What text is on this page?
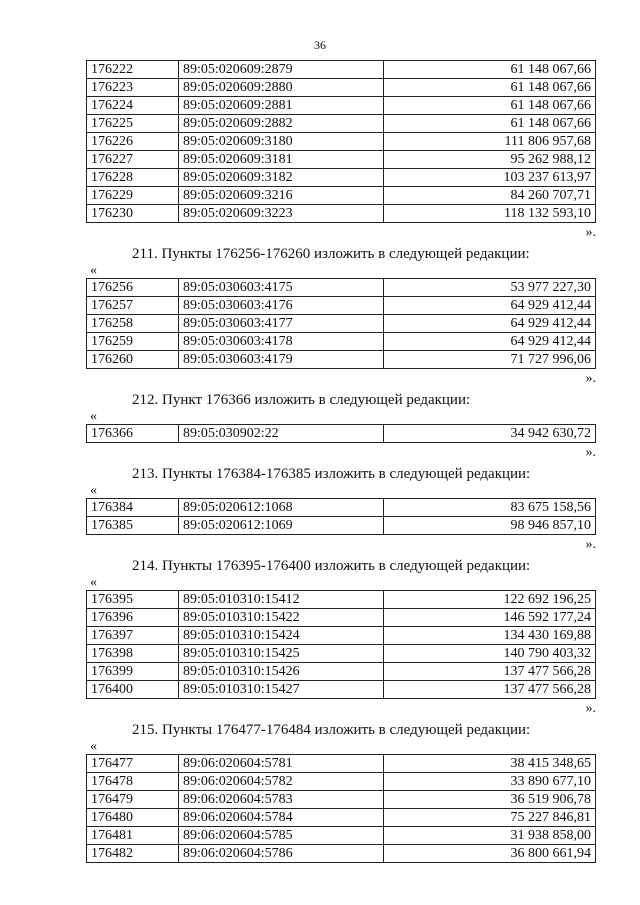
36
176222	89:05:020609:2879	61 148 067,66
176223	89:05:020609:2880	61 148 067,66
176224	89:05:020609:2881	61 148 067,66
176225	89:05:020609:2882	61 148 067,66
176226	89:05:020609:3180	111 806 957,68
176227	89:05:020609:3181	95 262 988,12
176228	89:05:020609:3182	103 237 613,97
176229	89:05:020609:3216	84 260 707,71
176230	89:05:020609:3223	118 132 593,10
».
211. Пункты 176256-176260 изложить в следующей редакции:
«
176256	89:05:030603:4175	53 977 227,30
176257	89:05:030603:4176	64 929 412,44
176258	89:05:030603:4177	64 929 412,44
176259	89:05:030603:4178	64 929 412,44
176260	89:05:030603:4179	71 727 996,06
».
212. Пункт 176366 изложить в следующей редакции:
«
176366	89:05:030902:22	34 942 630,72
».
213. Пункты 176384-176385 изложить в следующей редакции:
«
176384	89:05:020612:1068	83 675 158,56
176385	89:05:020612:1069	98 946 857,10
».
214. Пункты 176395-176400 изложить в следующей редакции:
«
176395	89:05:010310:15412	122 692 196,25
176396	89:05:010310:15422	146 592 177,24
176397	89:05:010310:15424	134 430 169,88
176398	89:05:010310:15425	140 790 403,32
176399	89:05:010310:15426	137 477 566,28
176400	89:05:010310:15427	137 477 566,28
».
215. Пункты 176477-176484 изложить в следующей редакции:
«
176477	89:06:020604:5781	38 415 348,65
176478	89:06:020604:5782	33 890 677,10
176479	89:06:020604:5783	36 519 906,78
176480	89:06:020604:5784	75 227 846,81
176481	89:06:020604:5785	31 938 858,00
176482	89:06:020604:5786	36 800 661,94
